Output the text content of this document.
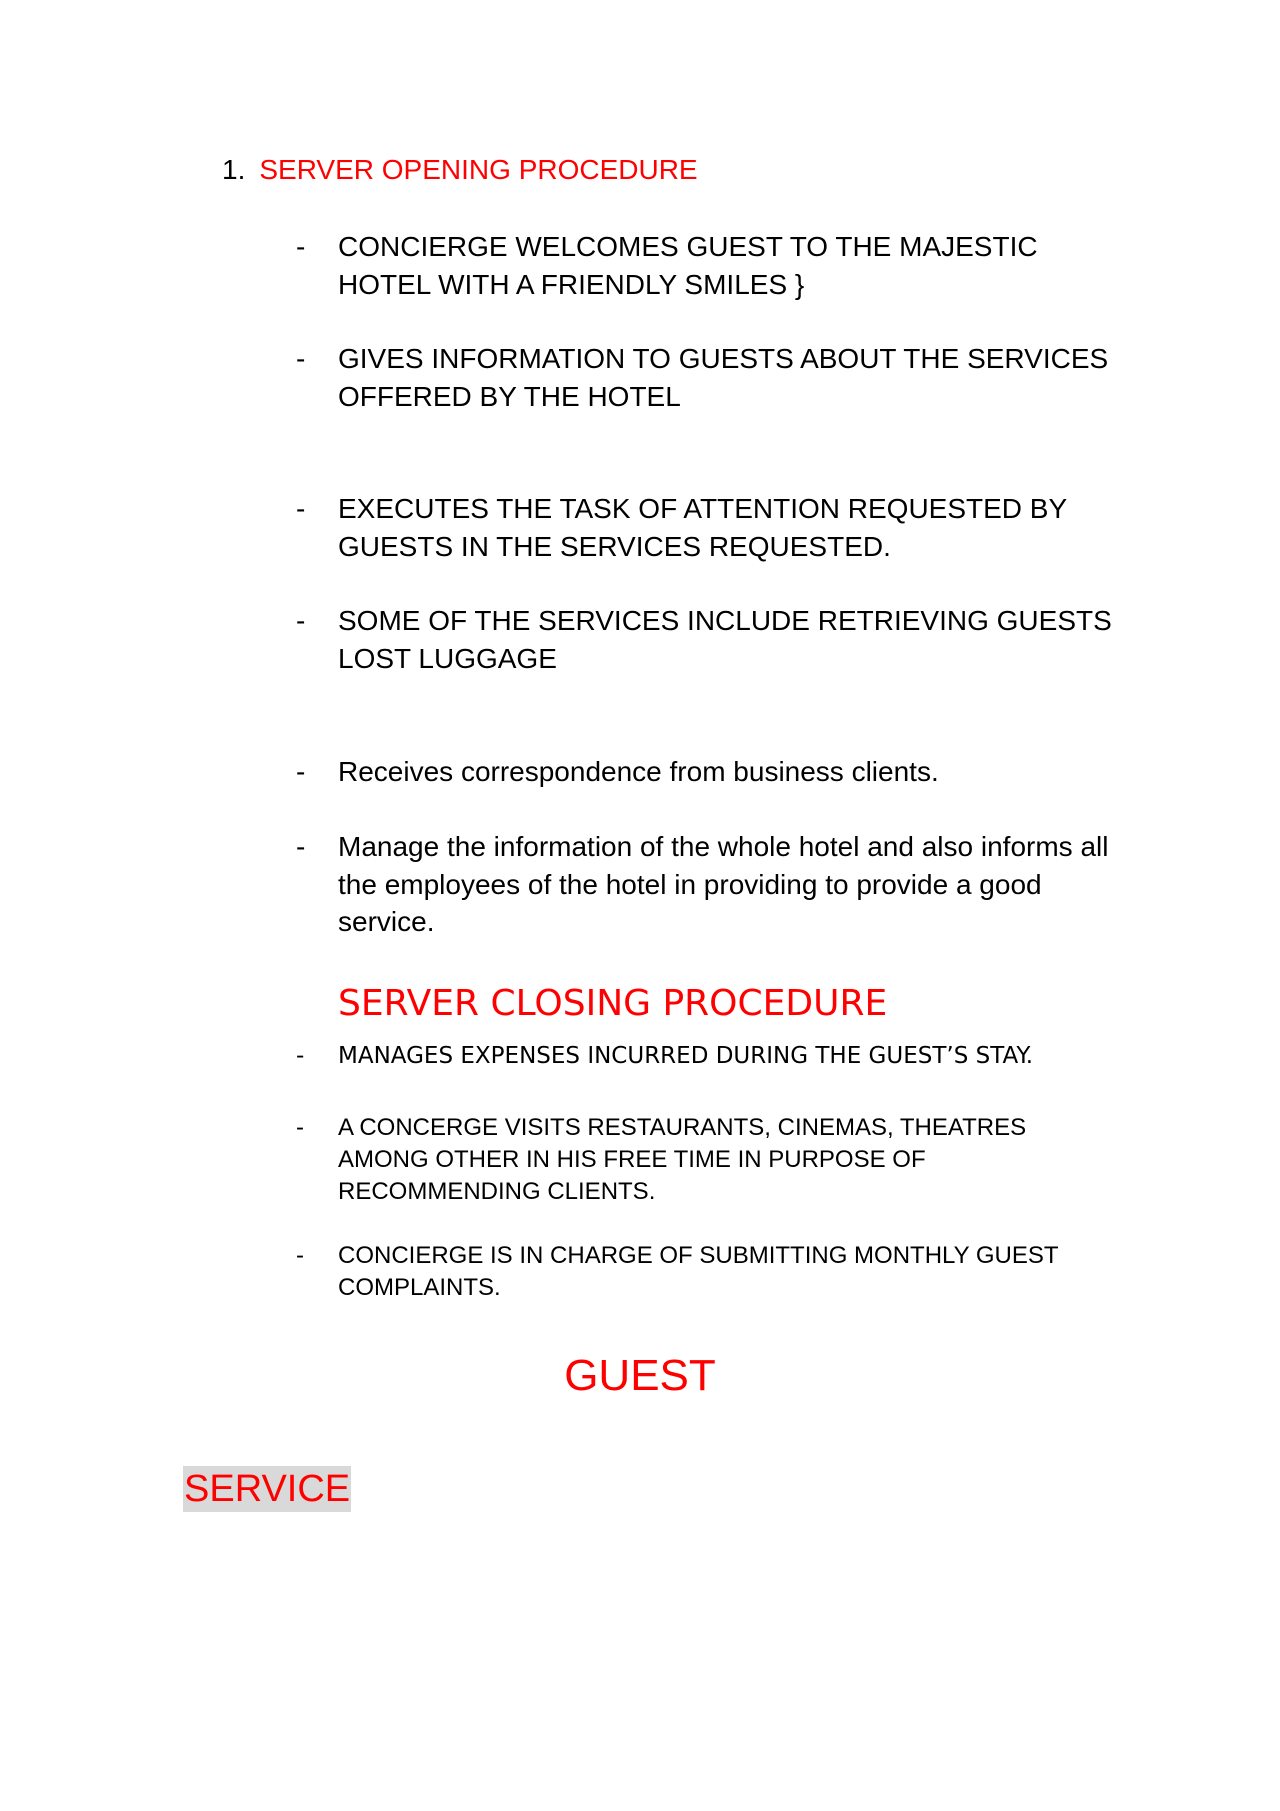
1. SERVER OPENING PROCEDURE
-	CONCIERGE WELCOMES GUEST TO THE MAJESTIC HOTEL WITH A FRIENDLY SMILES }
-	GIVES INFORMATION TO GUESTS ABOUT THE SERVICES OFFERED BY THE HOTEL
-	EXECUTES THE TASK OF ATTENTION REQUESTED BY GUESTS IN THE SERVICES REQUESTED.
-	SOME OF THE SERVICES INCLUDE RETRIEVING GUESTS LOST LUGGAGE
-	Receives correspondence from business clients.
-	Manage the information of the whole hotel and also informs all the employees of the hotel in providing to provide a good service.
SERVER CLOSING PROCEDURE
-	MANAGES EXPENSES INCURRED DURING THE GUEST’S STAY.
-	A CONCERGE VISITS RESTAURANTS, CINEMAS, THEATRES AMONG OTHER IN HIS FREE TIME IN PURPOSE OF RECOMMENDING CLIENTS.
-	CONCIERGE IS IN CHARGE OF SUBMITTING MONTHLY GUEST COMPLAINTS.
GUEST
SERVICE
